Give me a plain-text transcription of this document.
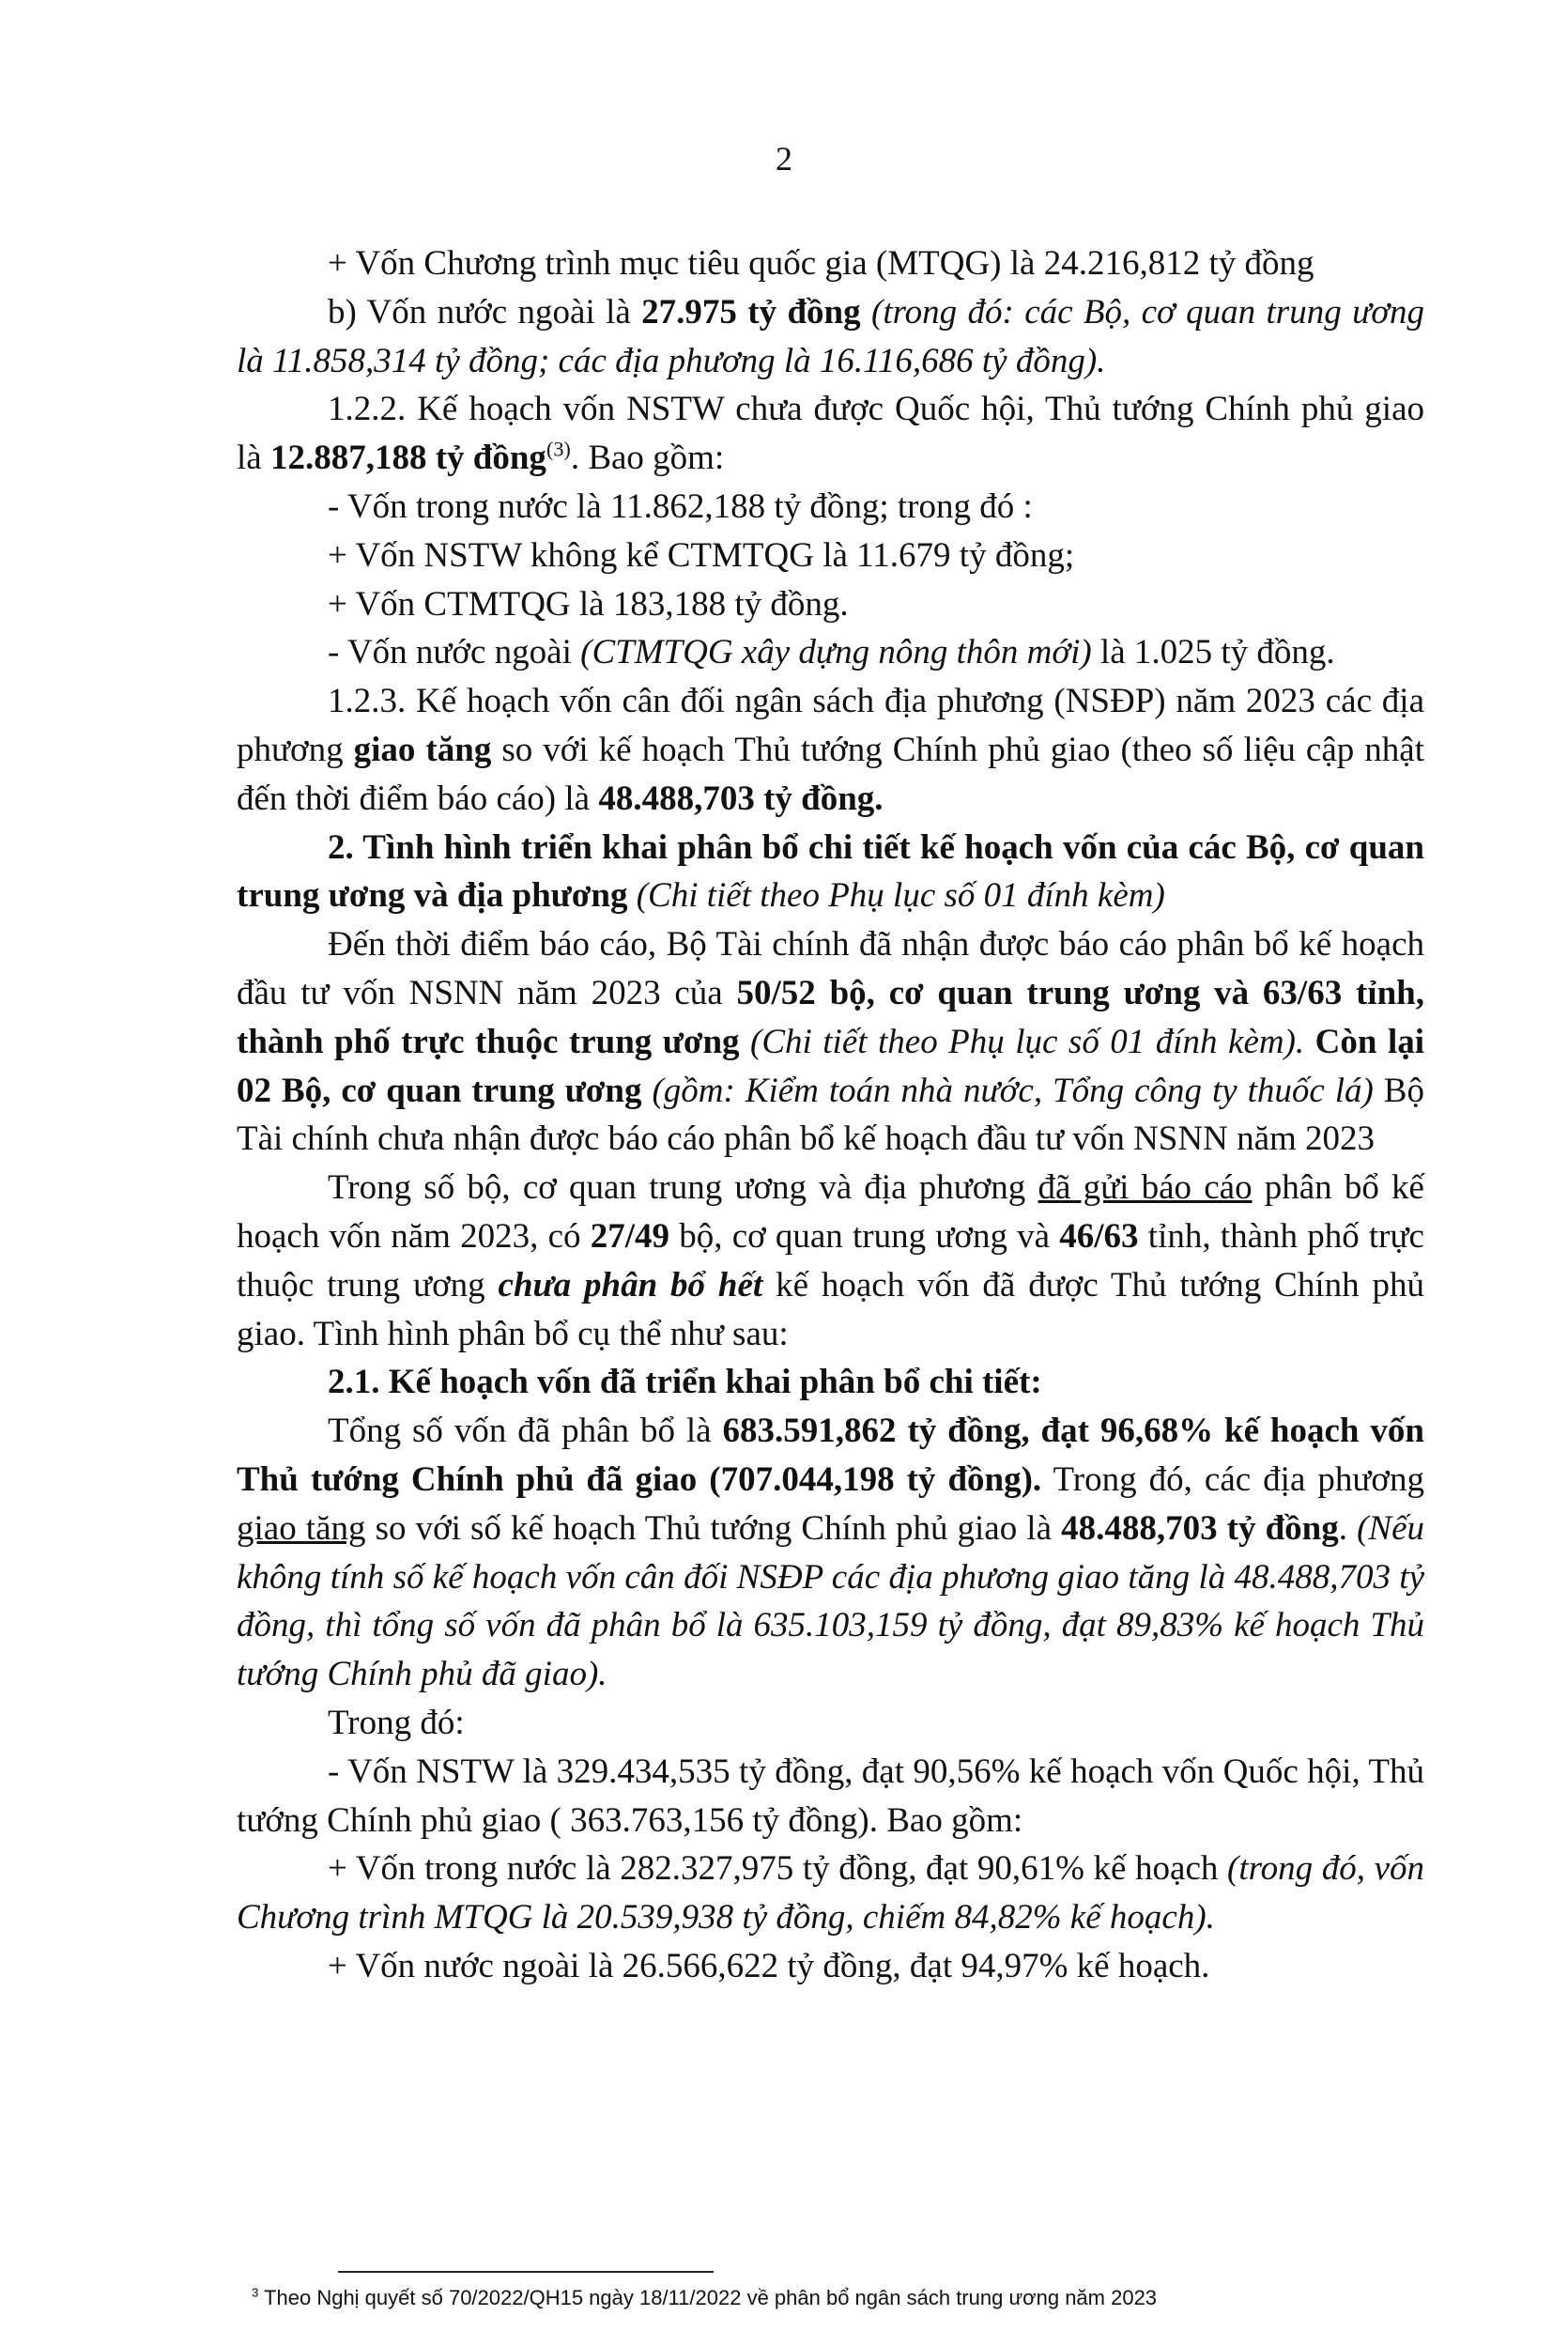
2

+ Vốn Chương trình mục tiêu quốc gia (MTQG) là 24.216,812 tỷ đồng

b) Vốn nước ngoài là 27.975 tỷ đồng (trong đó: các Bộ, cơ quan trung ương là 11.858,314 tỷ đồng; các địa phương là 16.116,686 tỷ đồng).

1.2.2. Kế hoạch vốn NSTW chưa được Quốc hội, Thủ tướng Chính phủ giao là 12.887,188 tỷ đồng$^{(3)}$. Bao gồm:

- Vốn trong nước là 11.862,188 tỷ đồng; trong đó :

+ Vốn NSTW không kể CTMTQG là 11.679 tỷ đồng;

+ Vốn CTMTQG là 183,188 tỷ đồng.

- Vốn nước ngoài (CTMTQG xây dựng nông thôn mới) là 1.025 tỷ đồng.

1.2.3. Kế hoạch vốn cân đối ngân sách địa phương (NSĐP) năm 2023 các địa phương giao tăng so với kế hoạch Thủ tướng Chính phủ giao (theo số liệu cập nhật đến thời điểm báo cáo) là 48.488,703 tỷ đồng.

2. Tình hình triển khai phân bổ chi tiết kế hoạch vốn của các Bộ, cơ quan trung ương và địa phương (Chi tiết theo Phụ lục số 01 đính kèm)

Đến thời điểm báo cáo, Bộ Tài chính đã nhận được báo cáo phân bổ kế hoạch đầu tư vốn NSNN năm 2023 của 50/52 bộ, cơ quan trung ương và 63/63 tỉnh, thành phố trực thuộc trung ương (Chi tiết theo Phụ lục số 01 đính kèm). Còn lại 02 Bộ, cơ quan trung ương (gồm: Kiểm toán nhà nước, Tổng công ty thuốc lá) Bộ Tài chính chưa nhận được báo cáo phân bổ kế hoạch đầu tư vốn NSNN năm 2023

Trong số bộ, cơ quan trung ương và địa phương đã gửi báo cáo phân bổ kế hoạch vốn năm 2023, có 27/49 bộ, cơ quan trung ương và 46/63 tỉnh, thành phố trực thuộc trung ương chưa phân bổ hết kế hoạch vốn đã được Thủ tướng Chính phủ giao. Tình hình phân bổ cụ thể như sau:

2.1. Kế hoạch vốn đã triển khai phân bổ chi tiết:

Tổng số vốn đã phân bổ là 683.591,862 tỷ đồng, đạt 96,68% kế hoạch vốn Thủ tướng Chính phủ đã giao (707.044,198 tỷ đồng). Trong đó, các địa phương giao tăng so với số kế hoạch Thủ tướng Chính phủ giao là 48.488,703 tỷ đồng. (Nếu không tính số kế hoạch vốn cân đối NSĐP các địa phương giao tăng là 48.488,703 tỷ đồng, thì tổng số vốn đã phân bổ là 635.103,159 tỷ đồng, đạt 89,83% kế hoạch Thủ tướng Chính phủ đã giao).

Trong đó:

- Vốn NSTW là 329.434,535 tỷ đồng, đạt 90,56% kế hoạch vốn Quốc hội, Thủ tướng Chính phủ giao ( 363.763,156 tỷ đồng). Bao gồm:

+ Vốn trong nước là 282.327,975 tỷ đồng, đạt 90,61% kế hoạch (trong đó, vốn Chương trình MTQG là 20.539,938 tỷ đồng, chiếm 84,82% kế hoạch).

+ Vốn nước ngoài là 26.566,622 tỷ đồng, đạt 94,97% kế hoạch.

$^3$ Theo Nghị quyết số 70/2022/QH15 ngày 18/11/2022 về phân bổ ngân sách trung ương năm 2023
